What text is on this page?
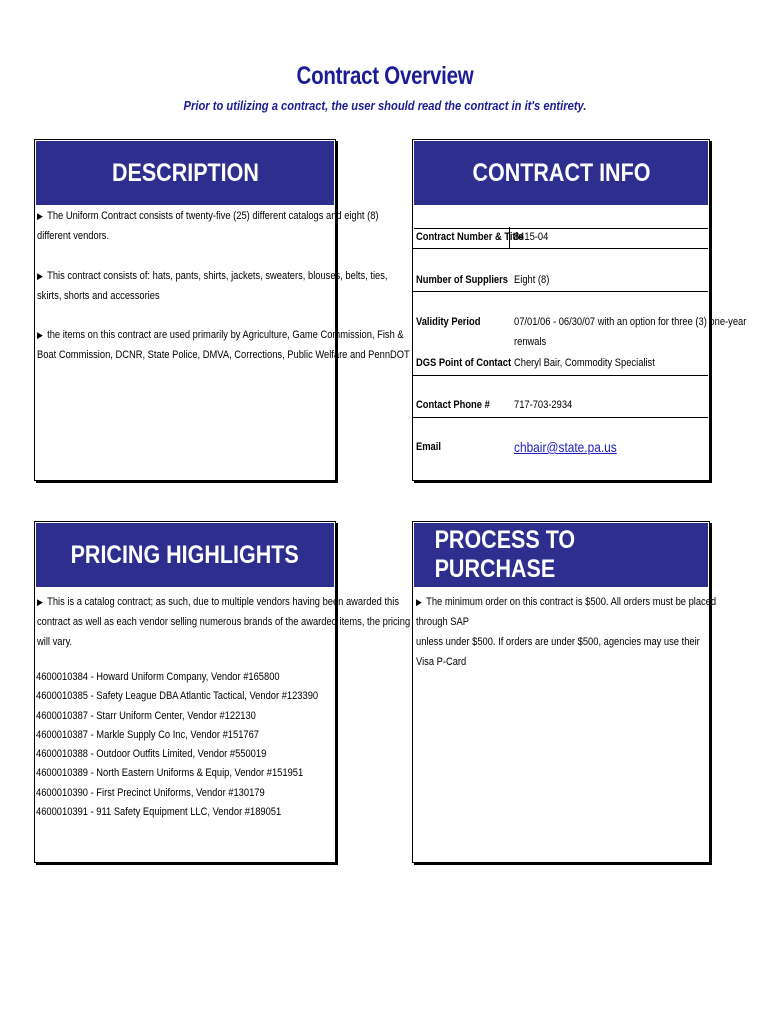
Contract Overview
Prior to utilizing a contract, the user should read the contract in it's entirety.
DESCRIPTION
▶ The Uniform Contract consists of twenty-five (25) different catalogs and eight (8)
different vendors.
▶ This contract consists of: hats, pants, shirts, jackets, sweaters, blouses, belts, ties,
skirts, shorts and accessories
▶ the items on this contract are used primarily by Agriculture, Game Commission, Fish &
Boat Commission, DCNR, State Police, DMVA, Corrections, Public Welfare and PennDOT
CONTRACT INFO
Contract Number & Title
8415-04
Number of Suppliers Eight (8)
Validity Period	07/01/06 - 06/30/07 with an option for three (3) one-year
renwals
DGS Point of Contact Cheryl Bair, Commodity Specialist
Contact Phone # 717-703-2934
Email	chbair@state.pa.us
PRICING HIGHLIGHTS
▶ This is a catalog contract; as such, due to multiple vendors having been awarded this
contract as well as each vendor selling numerous brands of the awarded items, the pricing
will vary.
4600010384 - Howard Uniform Company, Vendor #165800
4600010385 - Safety League DBA Atlantic Tactical, Vendor #123390
4600010387 - Starr Uniform Center, Vendor #122130
4600010387 - Markle Supply Co Inc, Vendor #151767
4600010388 - Outdoor Outfits Limited, Vendor #550019
4600010389 - North Eastern Uniforms & Equip, Vendor #151951
4600010390 - First Precinct Uniforms, Vendor #130179
4600010391 - 911 Safety Equipment LLC, Vendor #189051
PROCESS TO PURCHASE
▶ The minimum order on this contract is $500. All orders must be placed through SAP
unless under $500. If orders are under $500, agencies may use their Visa P-Card
